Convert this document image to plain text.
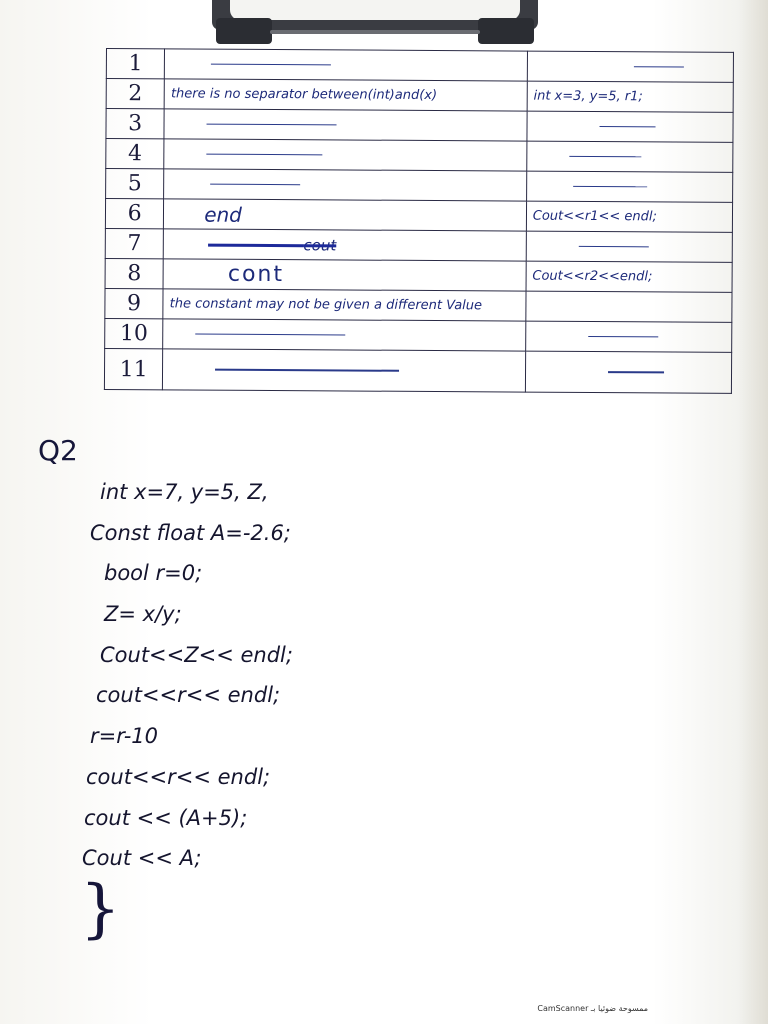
1		
2	there is no separator between(int)and(x)	int x=3, y=5, r1;
3		
4		
5		
6	end	Cout<<r1<< endl;
7	cout	
8	cont	Cout<<r2<<endl;
9	the constant may not be given a different Value	
10		
11		
Q2
int x=7, y=5, Z,
Const float A=-2.6;
bool r=0;
Z= x/y;
Cout<<Z<< endl;
cout<<r<< endl;
r=r-10
cout<<r<< endl;
cout << (A+5);
Cout << A;
}
CamScanner ممسوحة ضوئيا بـ
